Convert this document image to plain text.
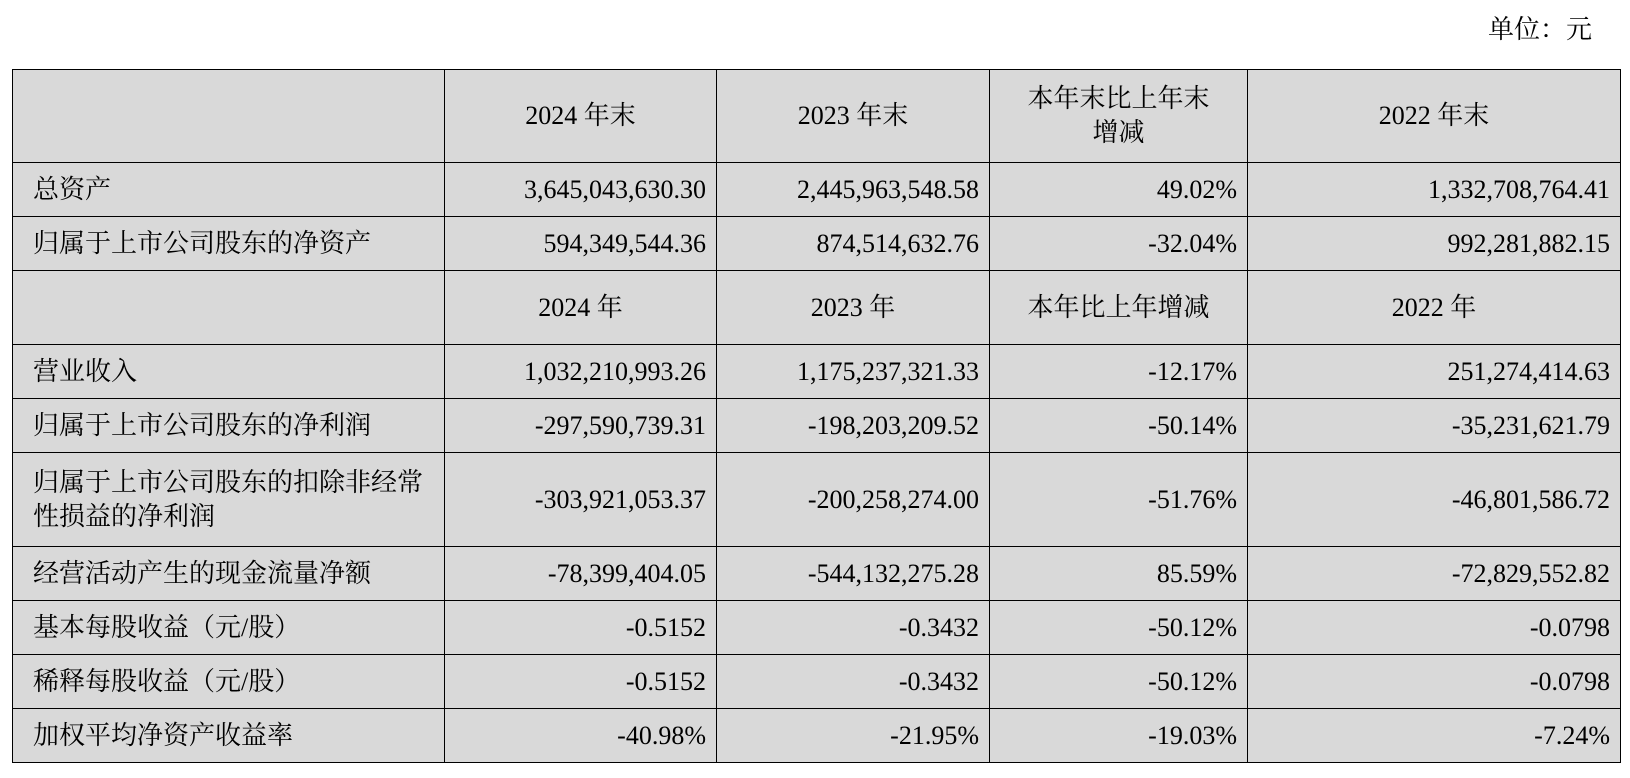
单位：元
	2024 年末	2023 年末	本年末比上年末增减	2022 年末
总资产	3,645,043,630.30	2,445,963,548.58	49.02%	1,332,708,764.41
归属于上市公司股东的净资产	594,349,544.36	874,514,632.76	-32.04%	992,281,882.15
	2024 年	2023 年	本年比上年增减	2022 年
营业收入	1,032,210,993.26	1,175,237,321.33	-12.17%	251,274,414.63
归属于上市公司股东的净利润	-297,590,739.31	-198,203,209.52	-50.14%	-35,231,621.79
归属于上市公司股东的扣除非经常性损益的净利润	-303,921,053.37	-200,258,274.00	-51.76%	-46,801,586.72
经营活动产生的现金流量净额	-78,399,404.05	-544,132,275.28	85.59%	-72,829,552.82
基本每股收益（元/股）	-0.5152	-0.3432	-50.12%	-0.0798
稀释每股收益（元/股）	-0.5152	-0.3432	-50.12%	-0.0798
加权平均净资产收益率	-40.98%	-21.95%	-19.03%	-7.24%
